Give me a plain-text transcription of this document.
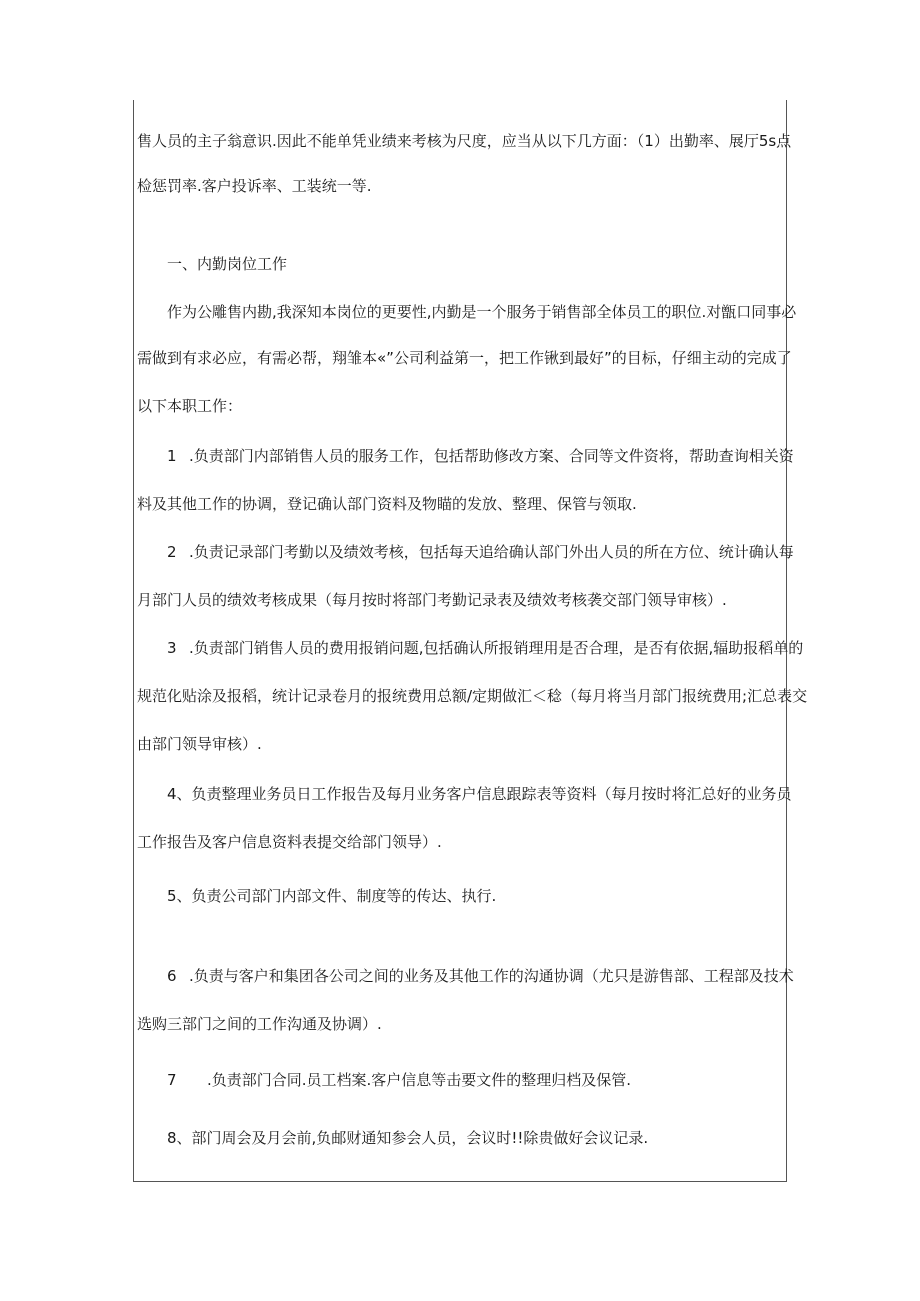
售人员的主子翁意识.因此不能单凭业绩来考核为尺度，应当从以下几方面：（1）出勤率、展厅5s点

检惩罚率.客户投诉率、工装统一等.

一、内勤岗位工作

作为公雕售内勘,我深知本岗位的更要性,内勤是一个服务于销售部全体员工的职位.对甑口同事必

需做到有求必应，有需必帮，翔雏本«”公司利益第一，把工作锹到最好”的目标，仔细主动的完成了

以下本职工作：

1 .负责部门内部销售人员的服务工作，包括帮助修改方案、合同等文件资将，帮助查询相关资

料及其他工作的协调，登记确认部门资料及物瞄的发放、整理、保管与领取.

2 .负责记录部门考勤以及绩效考核，包括每天追给确认部门外出人员的所在方位、统计确认每

月部门人员的绩效考核成果（每月按时将部门考勤记录表及绩效考核袭交部门领导审核）.

3 .负责部门销售人员的费用报销问题,包括确认所报销理用是否合理，是否有依据,辐助报稻单的

规范化贴涂及报稻，统计记录卷月的报统费用总额/定期做汇＜稔（每月将当月部门报统费用;汇总表交

由部门领导审核）.

4、负责整理业务员日工作报告及每月业务客户信息跟踪表等资料（每月按时将汇总好的业务员

工作报告及客户信息资料表提交给部门领导）.

5、负责公司部门内部文件、制度等的传达、执行.

6 .负责与客户和集团各公司之间的业务及其他工作的沟通协调（尤只是游售部、工程部及技术

选购三部门之间的工作沟通及协调）.

7 .负责部门合同.员工档案.客户信息等击要文件的整理归档及保管.

8、部门周会及月会前,负邮财通知参会人员，会议时!!除贵做好会议记录.
